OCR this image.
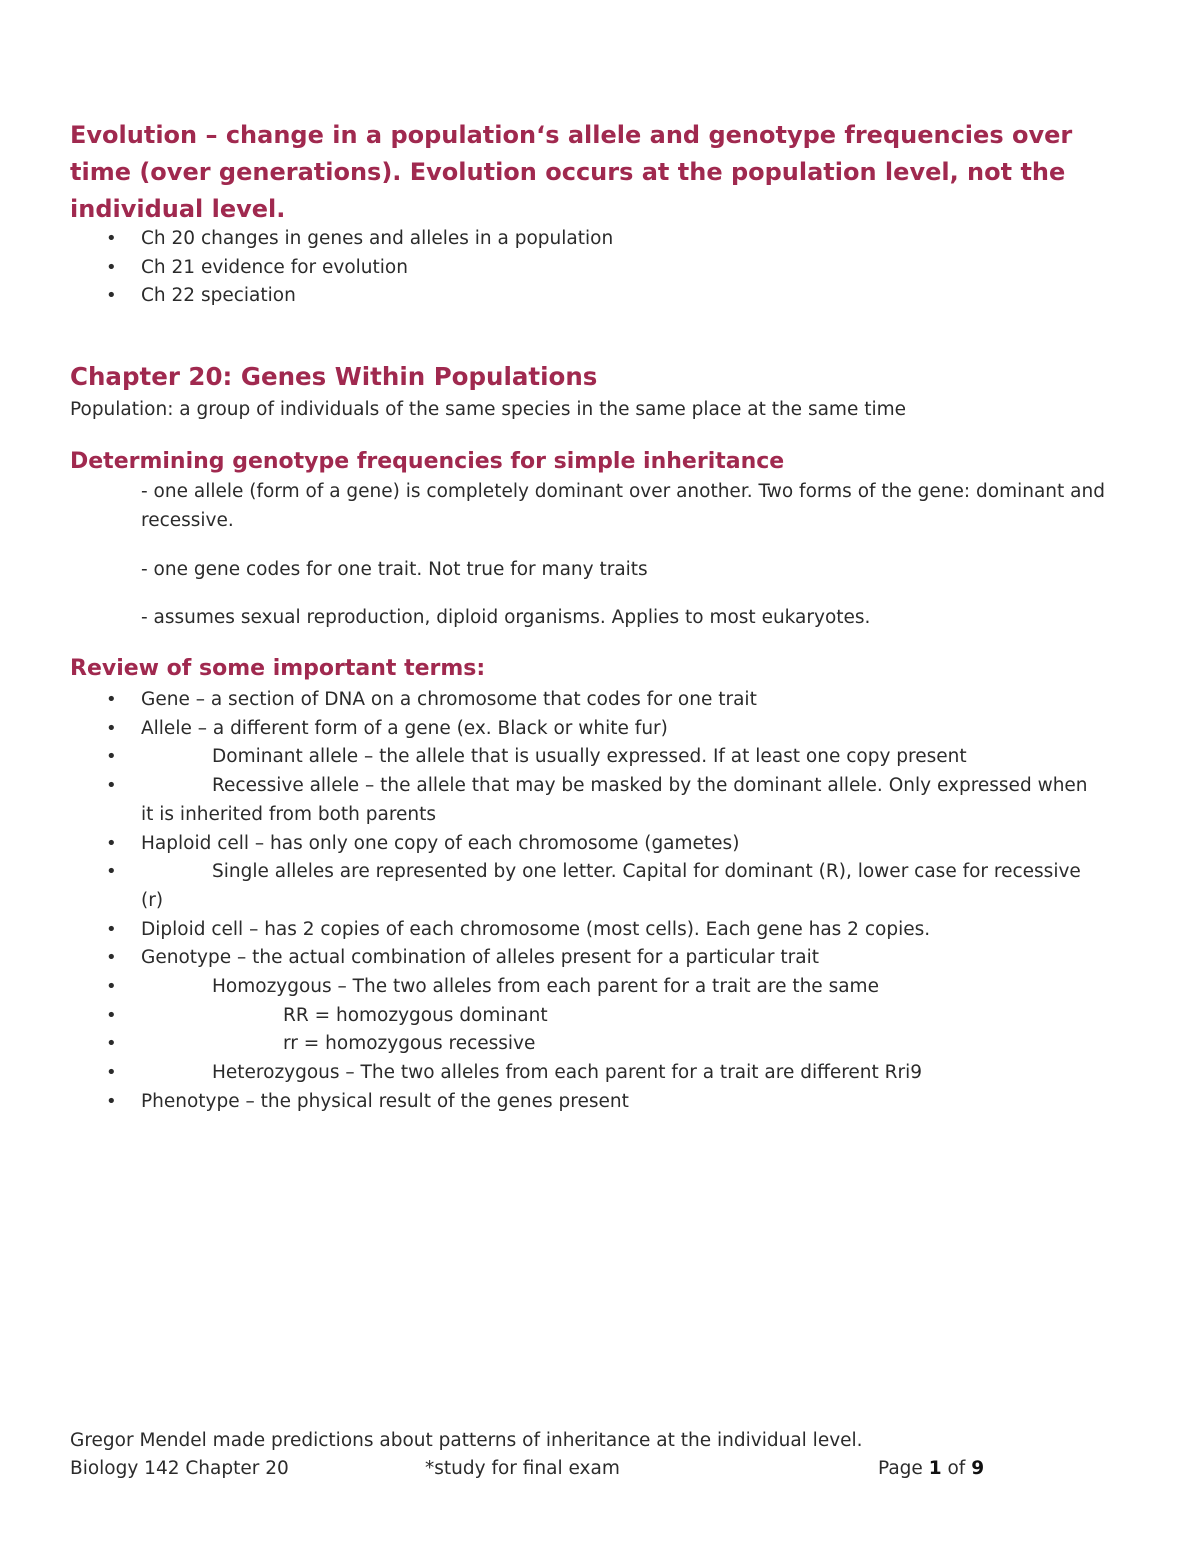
Evolution – change in a population‘s allele and genotype frequencies over time (over generations). Evolution occurs at the population level, not the individual level.
• Ch 20 changes in genes and alleles in a population
• Ch 21 evidence for evolution
• Ch 22 speciation
Chapter 20: Genes Within Populations
Population: a group of individuals of the same species in the same place at the same time
Determining genotype frequencies for simple inheritance
- one allele (form of a gene) is completely dominant over another. Two forms of the gene: dominant and recessive.
- one gene codes for one trait. Not true for many traits
- assumes sexual reproduction, diploid organisms. Applies to most eukaryotes.
Review of some important terms:
• Gene – a section of DNA on a chromosome that codes for one trait
• Allele – a different form of a gene (ex. Black or white fur)
•	Dominant allele – the allele that is usually expressed. If at least one copy present
•	Recessive allele – the allele that may be masked by the dominant allele. Only expressed when
it is inherited from both parents
• Haploid cell – has only one copy of each chromosome (gametes)
•	Single alleles are represented by one letter. Capital for dominant (R), lower case for recessive
(r)
• Diploid cell – has 2 copies of each chromosome (most cells). Each gene has 2 copies.
• Genotype – the actual combination of alleles present for a particular trait
•	Homozygous – The two alleles from each parent for a trait are the same
•	RR = homozygous dominant
•	rr = homozygous recessive
•	Heterozygous – The two alleles from each parent for a trait are different Rri9
• Phenotype – the physical result of the genes present
Gregor Mendel made predictions about patterns of inheritance at the individual level.
Biology 142 Chapter 20	*study for final exam	Page 1 of 9
